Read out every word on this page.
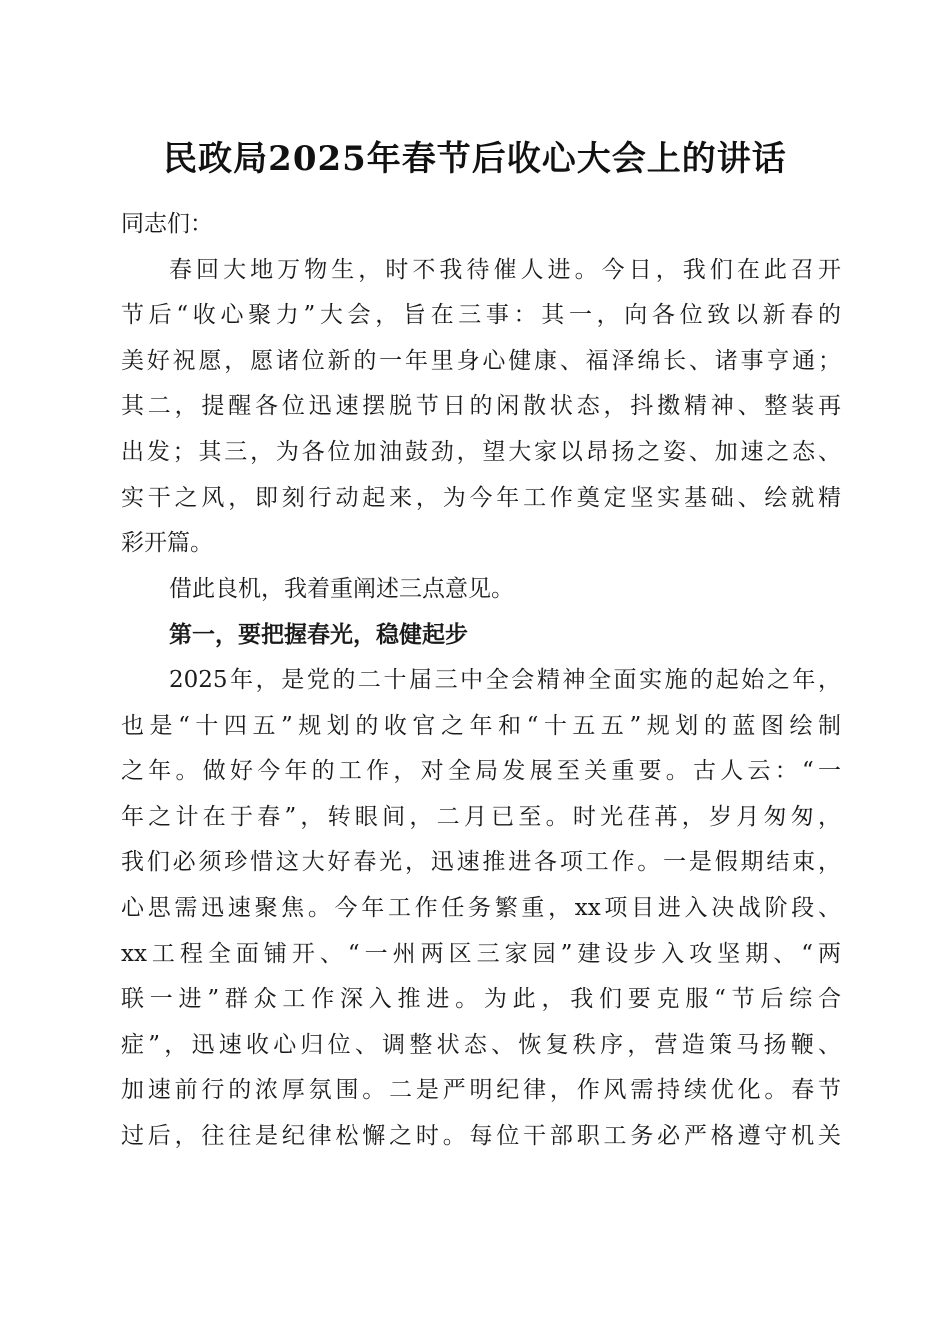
民政局2025年春节后收心大会上的讲话
同志们：
春回大地万物生，时不我待催人进。今日，我们在此召开
节后“收心聚力”大会，旨在三事：其一，向各位致以新春的
美好祝愿，愿诸位新的一年里身心健康、福泽绵长、诸事亨通；
其二，提醒各位迅速摆脱节日的闲散状态，抖擞精神、整装再
出发；其三，为各位加油鼓劲，望大家以昂扬之姿、加速之态、
实干之风，即刻行动起来，为今年工作奠定坚实基础、绘就精
彩开篇。
借此良机，我着重阐述三点意见。
第一，要把握春光，稳健起步
2025年，是党的二十届三中全会精神全面实施的起始之年，
也是“十四五”规划的收官之年和“十五五”规划的蓝图绘制
之年。做好今年的工作，对全局发展至关重要。古人云：“一
年之计在于春”，转眼间，二月已至。时光荏苒，岁月匆匆，
我们必须珍惜这大好春光，迅速推进各项工作。一是假期结束，
心思需迅速聚焦。今年工作任务繁重，xx项目进入决战阶段、
xx工程全面铺开、“一州两区三家园”建设步入攻坚期、“两
联一进”群众工作深入推进。为此，我们要克服“节后综合
症”，迅速收心归位、调整状态、恢复秩序，营造策马扬鞭、
加速前行的浓厚氛围。二是严明纪律，作风需持续优化。春节
过后，往往是纪律松懈之时。每位干部职工务必严格遵守机关
